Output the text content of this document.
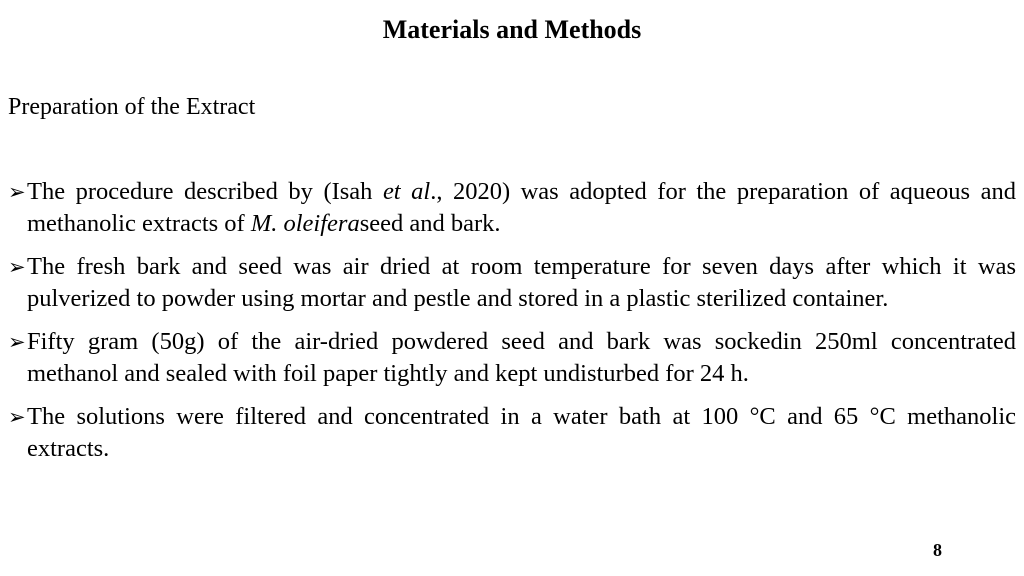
Materials and Methods
Preparation of the Extract
➢ The procedure described by (Isah et al., 2020) was adopted for the preparation of aqueous and methanolic extracts of M. oleiferaseed and bark.
➢ The fresh bark and seed was air dried at room temperature for seven days after which it was pulverized to powder using mortar and pestle and stored in a plastic sterilized container.
➢ Fifty gram (50g) of the air-dried powdered seed and bark was sockedin 250ml concentrated methanol and sealed with foil paper tightly and kept undisturbed for 24 h.
➢ The solutions were filtered and concentrated in a water bath at 100 °C and 65 °C methanolic extracts.
8
